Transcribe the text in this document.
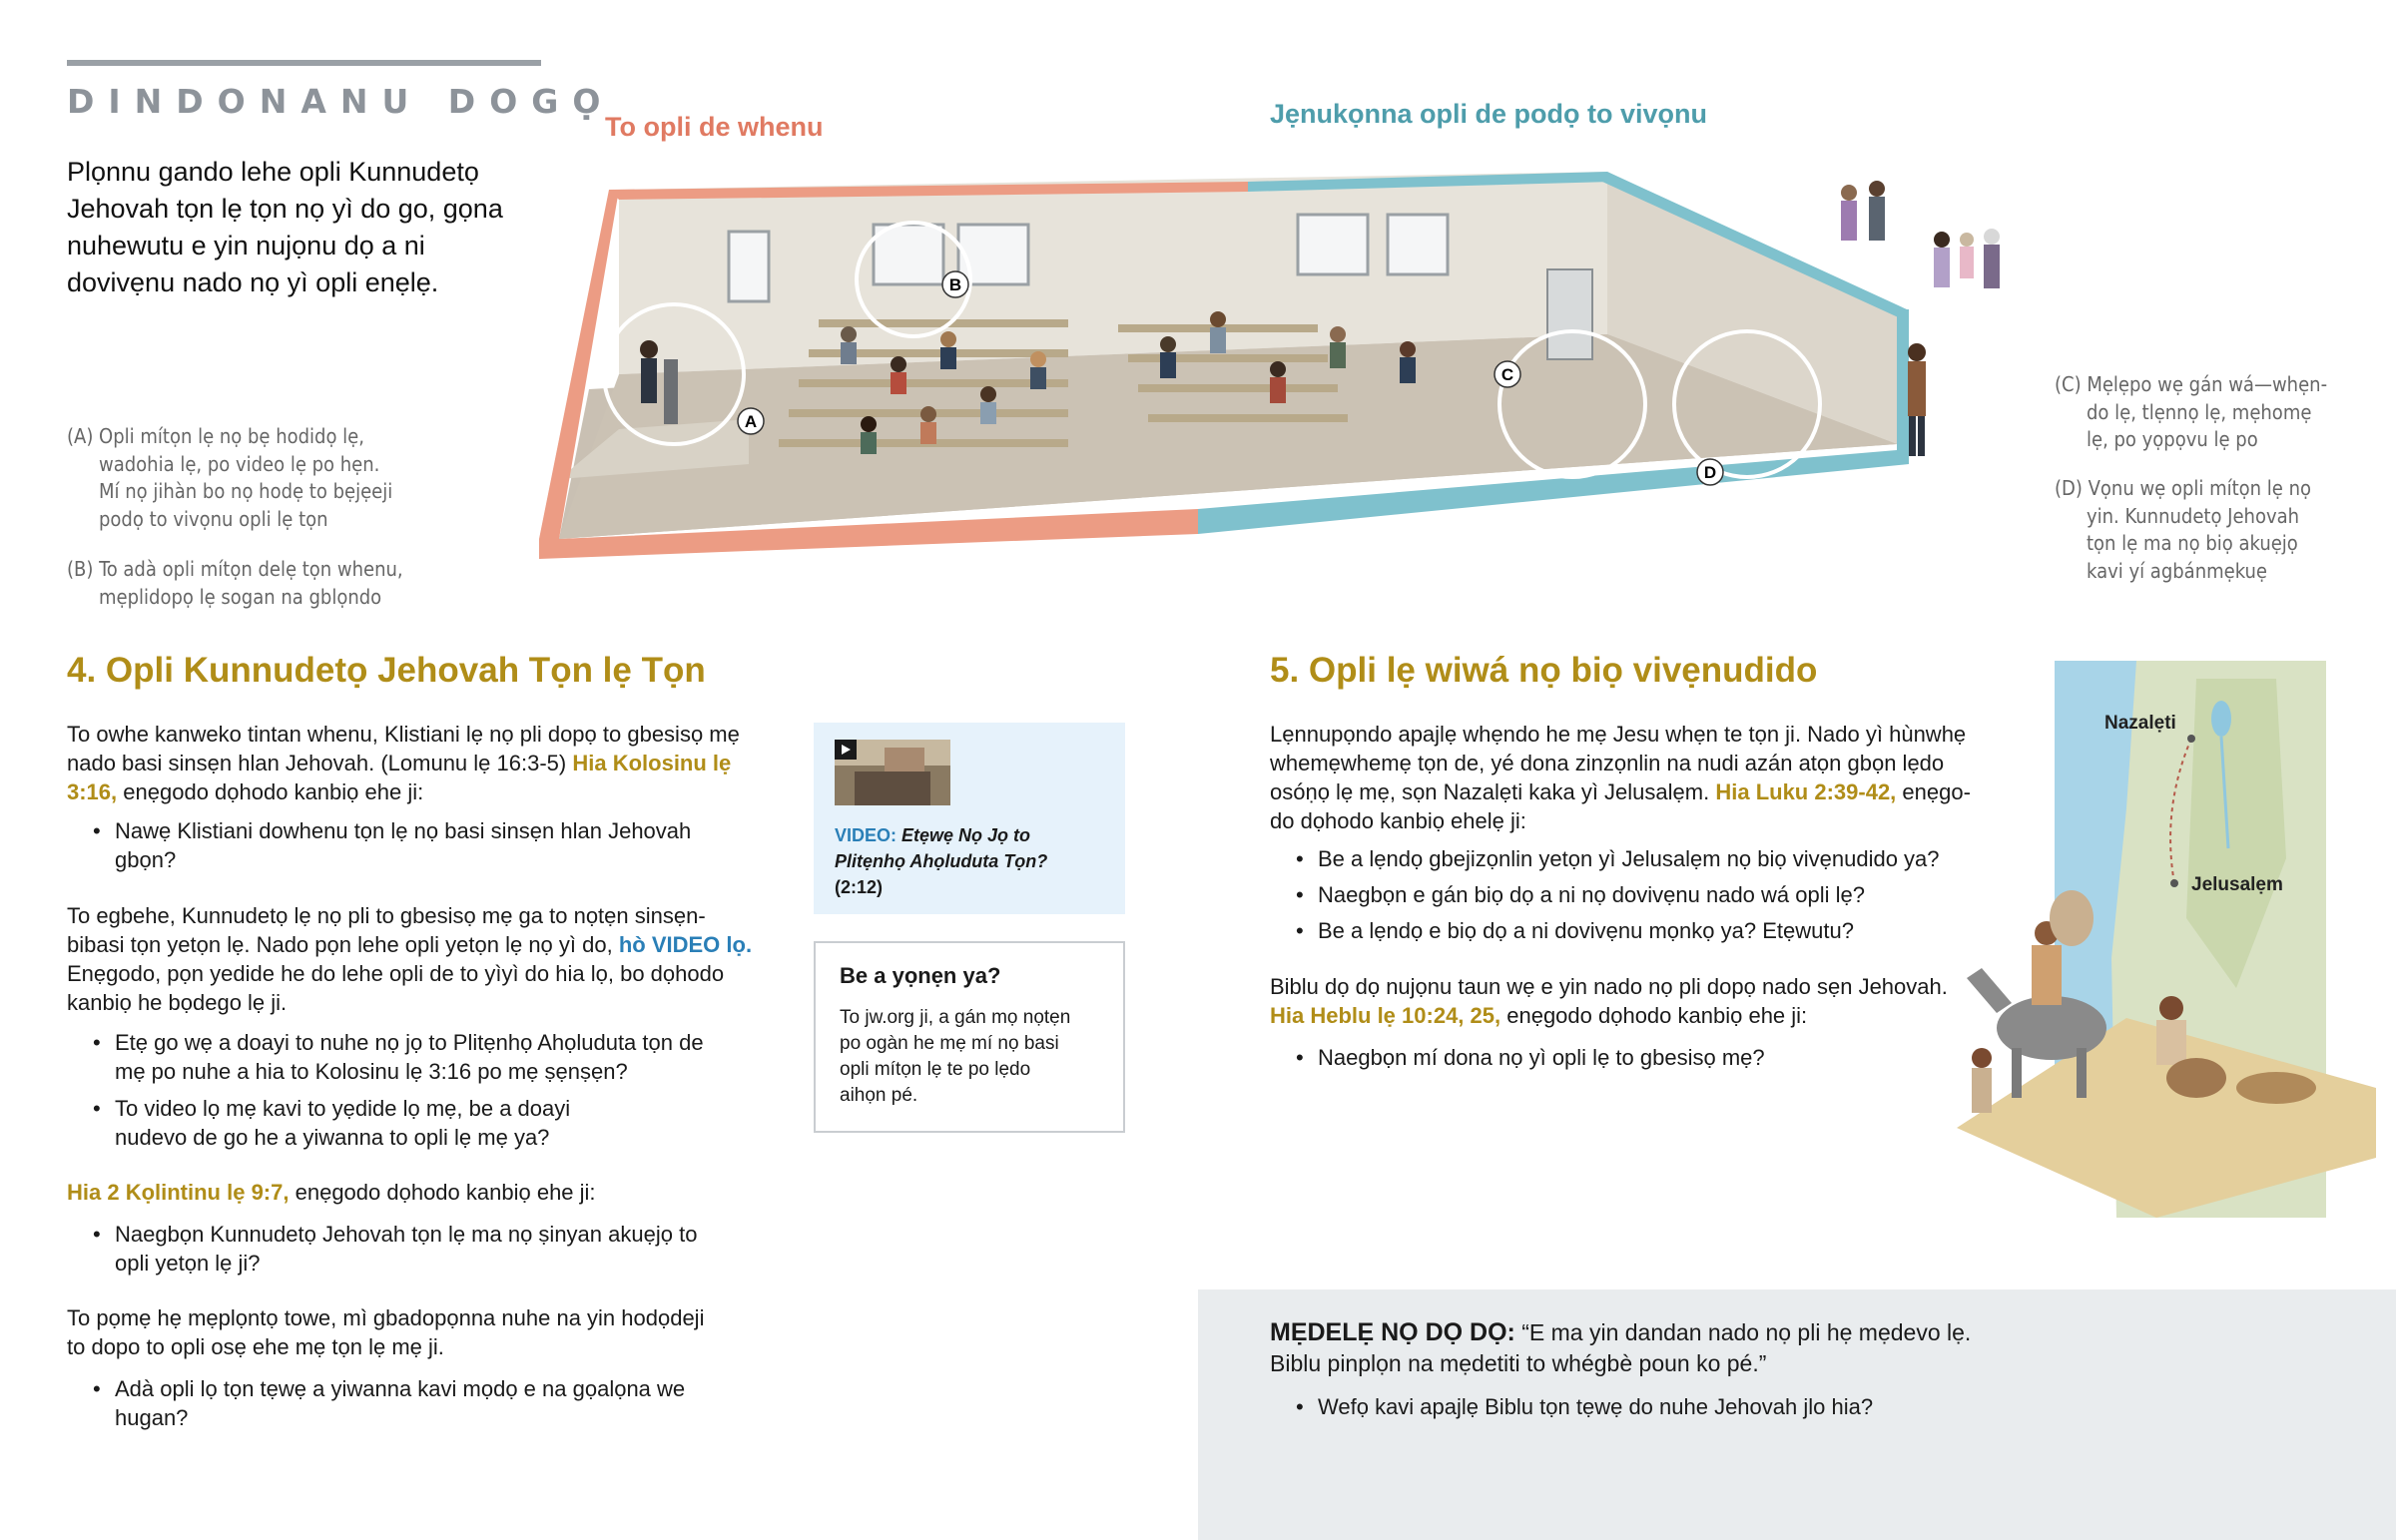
DINDONANU DOGỌ
Plọnnu gando lehe opli Kunnudetọ Jehovah tọn lẹ tọn nọ yì do go, gọna nuhewutu e yin nujọnu dọ a ni dovivẹnu nado nọ yì opli enẹlẹ.
To opli de whenu	Jẹnukọnna opli de podọ to vivọnu
A
B
C
D
(A) Opli mítọn lẹ nọ bẹ hodidọ lẹ,
wadohia lẹ, po video lẹ po hẹn.
Mí nọ jihàn bo nọ hodẹ to bẹjẹeji
podọ to vivọnu opli lẹ tọn
(B) To adà opli mítọn delẹ tọn whenu,
mẹplidopọ lẹ sogan na gblọndo
(C) Mẹlẹpo wẹ gán wá—whẹn-
do lẹ, tlẹnnọ lẹ, mẹhomẹ
lẹ, po yọpọvu lẹ po
(D) Vọnu wẹ opli mítọn lẹ nọ
yin. Kunnudetọ Jehovah
tọn lẹ ma nọ biọ akuẹjọ
kavi yí agbánmẹkuẹ
4. Opli Kunnudetọ Jehovah Tọn lẹ Tọn
To owhe kanweko tintan whenu, Klistiani lẹ nọ pli dopọ to gbesisọ mẹ
nado basi sinsẹn hlan Jehovah. (Lomunu lẹ 16:3-5) Hia Kolosinu lẹ
3:16, enẹgodo dọhodo kanbiọ ehe ji:
• Nawẹ Klistiani dowhenu tọn lẹ nọ basi sinsẹn hlan Jehovah
gbọn?
To egbehe, Kunnudetọ lẹ nọ pli to gbesisọ mẹ ga to nọtẹn sinsẹn-
bibasi tọn yetọn lẹ. Nado pọn lehe opli yetọn lẹ nọ yì do, hò VIDEO lọ.
Enẹgodo, pọn yedide he do lehe opli de to yìyì do hia lọ, bo dọhodo
kanbiọ he bọdego lẹ ji.
• Etẹ go wẹ a doayi to nuhe nọ jọ to Plitẹnhọ Ahọluduta tọn de
mẹ po nuhe a hia to Kolosinu lẹ 3:16 po mẹ ṣẹnṣẹn?
• To video lọ mẹ kavi to yẹdide lọ mẹ, be a doayi
nudevo de go he a yiwanna to opli lẹ mẹ ya?
Hia 2 Kọlintinu lẹ 9:7, enẹgodo dọhodo kanbiọ ehe ji:
• Naegbọn Kunnudetọ Jehovah tọn lẹ ma nọ ṣinyan akuẹjọ to
opli yetọn lẹ ji?
To pọmẹ hẹ mẹplọntọ towe, mì gbadopọnna nuhe na yin hodọdeji
to dopo to opli osẹ ehe mẹ tọn lẹ mẹ ji.
• Adà opli lọ tọn tẹwẹ a yiwanna kavi mọdọ e na gọalọna we
hugan?
VIDEO: Etẹwẹ Nọ Jọ to
Plitẹnhọ Ahọluduta Tọn?
(2:12)
Be a yọnẹn ya?
To jw.org ji, a gán mọ nọtẹn
po ogàn he mẹ mí nọ basi
opli mítọn lẹ te po lẹdo
aihọn pé.
5. Opli lẹ wiwá nọ biọ vivẹnudido
Lẹnnupọndo apajlẹ whẹndo he mẹ Jesu whẹn te tọn ji. Nado yì hùnwhẹ
whemẹwhemẹ tọn de, yé dona zinzọnlin na nudi azán atọn gbọn lẹdo
osóṇọ lẹ mẹ, sọn Nazalẹti kaka yì Jelusalẹm. Hia Luku 2:39-42, enẹgo-
do dọhodo kanbiọ ehelẹ ji:
• Be a lẹndọ gbejizọnlin yetọn yì Jelusalẹm nọ biọ vivẹnudido ya?
• Naegbọn e gán biọ dọ a ni nọ dovivẹnu nado wá opli lẹ?
• Be a lẹndọ e biọ dọ a ni dovivẹnu mọnkọ ya? Etẹwutu?
Biblu dọ dọ nujọnu taun wẹ e yin nado nọ pli dopọ nado sẹn Jehovah.
Hia Heblu lẹ 10:24, 25, enẹgodo dọhodo kanbiọ ehe ji:
• Naegbọn mí dona nọ yì opli lẹ to gbesisọ mẹ?
Nazalẹti
Jelusalẹm
MẸDELẸ NỌ DỌ DỌ: “E ma yin dandan nado nọ pli hẹ mẹdevo lẹ.
Biblu pinplọn na mẹdetiti to whégbè poun ko pé.”
• Wefọ kavi apajlẹ Biblu tọn tẹwẹ do nuhe Jehovah jlo hia?
